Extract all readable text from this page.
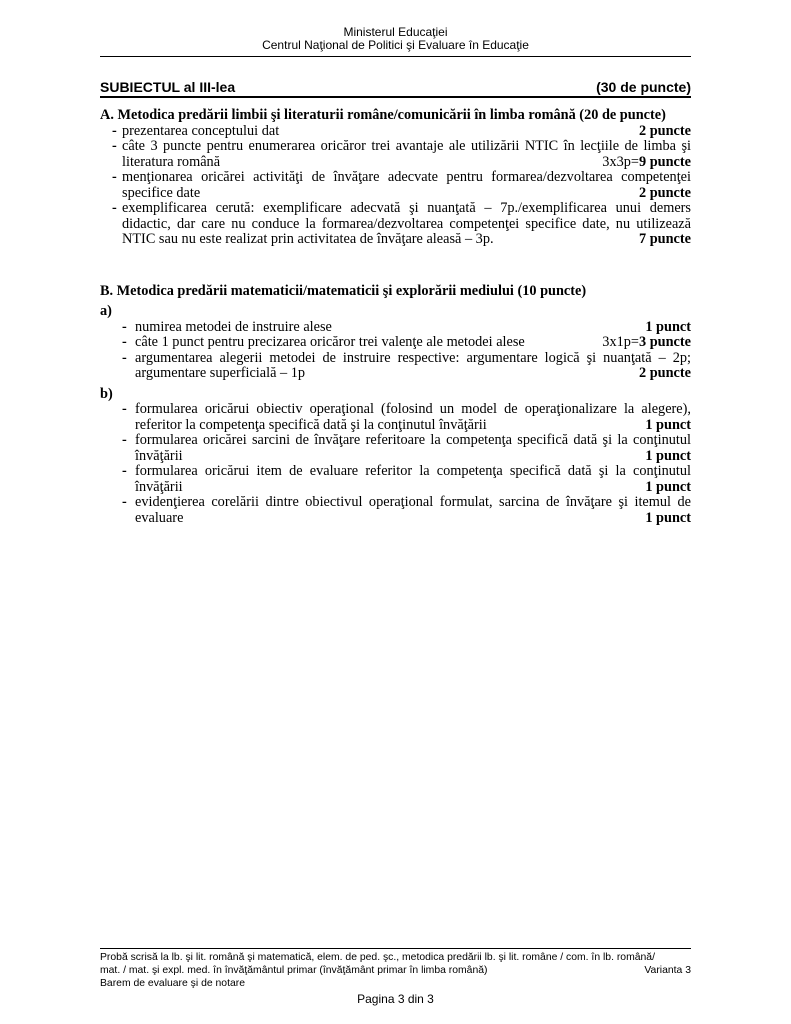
Ministerul Educaţiei
Centrul Naţional de Politici şi Evaluare în Educaţie
SUBIECTUL al III-lea	(30 de puncte)
A. Metodica predării limbii şi literaturii române/comunicării în limba română (20 de puncte)
- prezentarea conceptului dat	2 puncte
- câte 3 puncte pentru enumerarea oricăror trei avantaje ale utilizării NTIC în lecţiile de limba şi literatura română	3x3p=9 puncte
- menţionarea oricărei activităţi de învăţare adecvate pentru formarea/dezvoltarea competenţei specifice date	2 puncte
- exemplificarea cerută: exemplificare adecvată şi nuanţată – 7p./exemplificarea unui demers didactic, dar care nu conduce la formarea/dezvoltarea competenţei specifice date, nu utilizează NTIC sau nu este realizat prin activitatea de învăţare aleasă – 3p.	7 puncte
B. Metodica predării matematicii/matematicii şi explorării mediului (10 puncte)
a)
- numirea metodei de instruire alese	1 punct
- câte 1 punct pentru precizarea oricăror trei valenţe ale metodei alese	3x1p=3 puncte
- argumentarea alegerii metodei de instruire respective: argumentare logică şi nuanţată – 2p; argumentare superficială – 1p	2 puncte
b)
- formularea oricărui obiectiv operaţional (folosind un model de operaţionalizare la alegere), referitor la competenţa specifică dată şi la conţinutul învăţării	1 punct
- formularea oricărei sarcini de învăţare referitoare la competenţa specifică dată şi la conţinutul învăţării	1 punct
- formularea oricărui item de evaluare referitor la competenţa specifică dată şi la conţinutul învăţării	1 punct
- evidenţierea corelării dintre obiectivul operaţional formulat, sarcina de învăţare şi itemul de evaluare	1 punct
Probă scrisă la lb. şi lit. română şi matematică, elem. de ped. şc., metodica predării lb. şi lit. române / com. în lb. română/
mat. / mat. şi expl. med. în învăţământul primar (învăţământ primar în limba română)	Varianta 3
Barem de evaluare şi de notare
Pagina 3 din 3
